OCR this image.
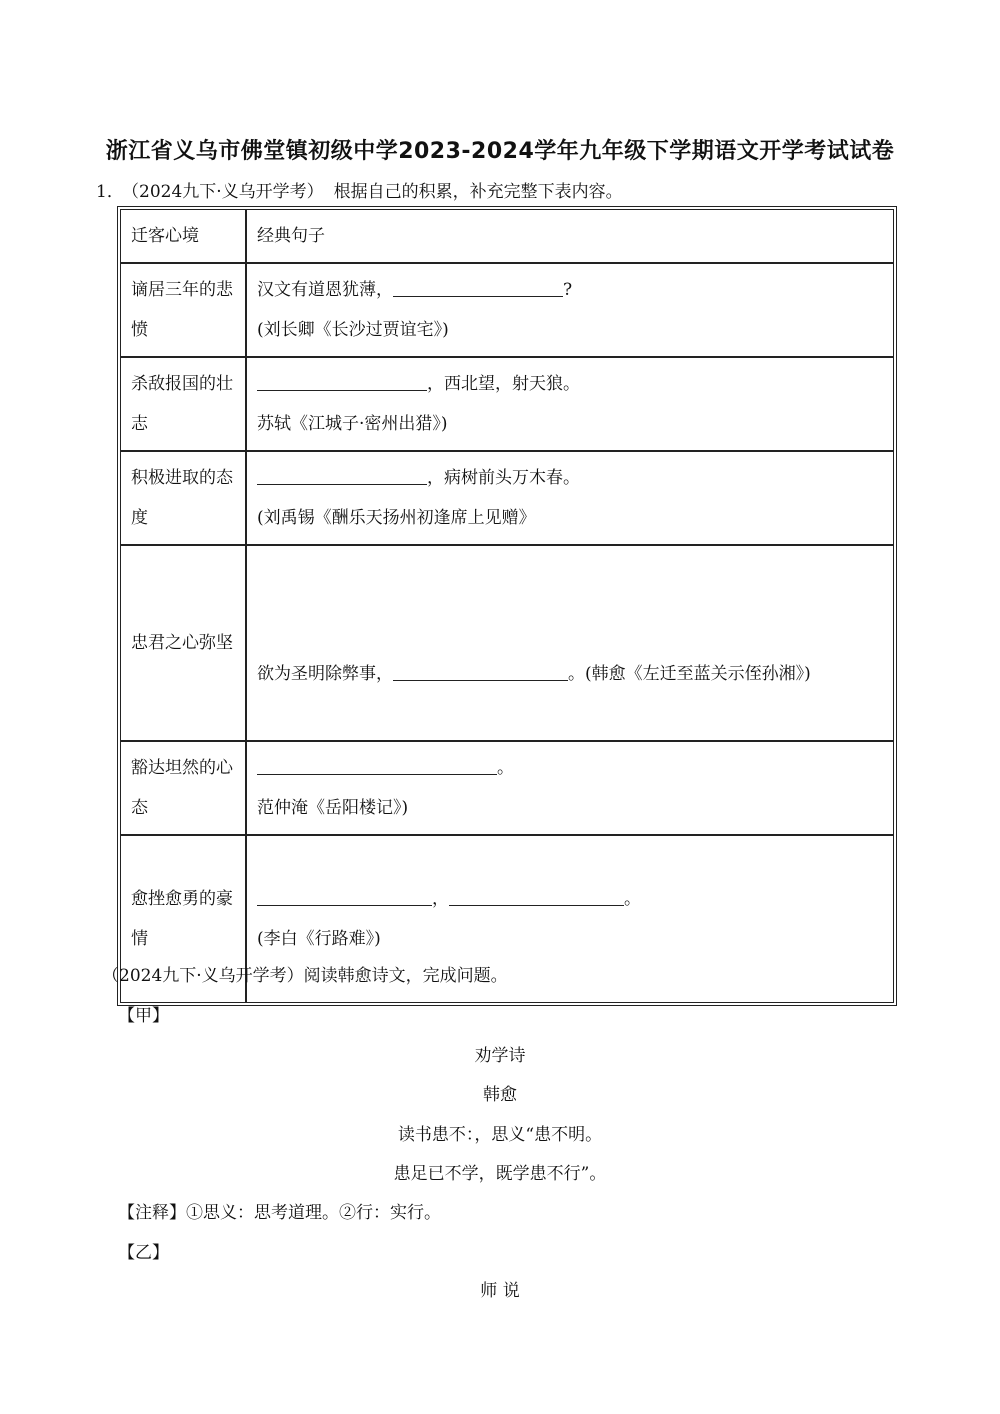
浙江省义乌市佛堂镇初级中学2023-2024学年九年级下学期语文开学考试试卷
1．（2024九下·义乌开学考） 根据自己的积累，补充完整下表内容。
迁客心境	经典句子
谪居三年的悲愤	汉文有道恩犹薄， ?
(刘长卿《长沙过贾谊宅》)

杀敌报国的壮志	，西北望，射天狼。
苏轼《江城子·密州出猎》)

积极进取的态度	，病树前头万木春。
(刘禹锡《酬乐天扬州初逢席上见赠》

忠君之心弥坚	欲为圣明除弊事， 。(韩愈《左迁至蓝关示侄孙湘》)

豁达坦然的心态	。
范仲淹《岳阳楼记》)

愈挫愈勇的豪情	， 。
(李白《行路难》)
（2024九下·义乌开学考）阅读韩愈诗文，完成问题。
【甲】
劝学诗
韩愈
读书患不：，思义“患不明。
患足已不学，既学患不行”。
【注释】①思义：思考道理。②行：实行。
【乙】
师 说
